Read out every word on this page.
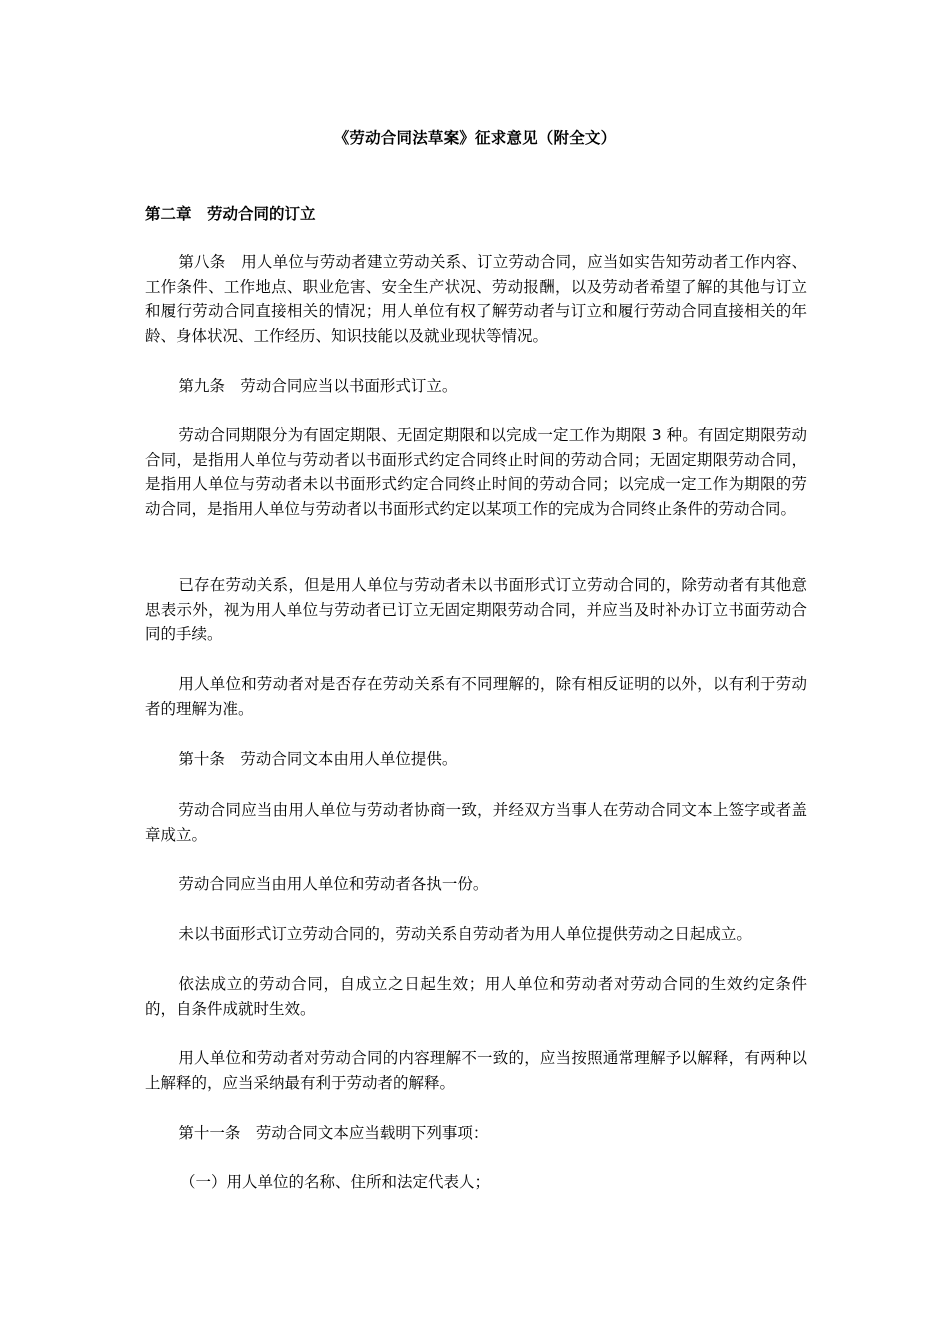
《劳动合同法草案》征求意见（附全文）
第二章　劳动合同的订立

第八条　用人单位与劳动者建立劳动关系、订立劳动合同，应当如实告知劳动者工作内容、工作条件、工作地点、职业危害、安全生产状况、劳动报酬，以及劳动者希望了解的其他与订立和履行劳动合同直接相关的情况；用人单位有权了解劳动者与订立和履行劳动合同直接相关的年龄、身体状况、工作经历、知识技能以及就业现状等情况。

第九条　劳动合同应当以书面形式订立。

劳动合同期限分为有固定期限、无固定期限和以完成一定工作为期限 3 种。有固定期限劳动合同，是指用人单位与劳动者以书面形式约定合同终止时间的劳动合同；无固定期限劳动合同，是指用人单位与劳动者未以书面形式约定合同终止时间的劳动合同；以完成一定工作为期限的劳动合同，是指用人单位与劳动者以书面形式约定以某项工作的完成为合同终止条件的劳动合同。

已存在劳动关系，但是用人单位与劳动者未以书面形式订立劳动合同的，除劳动者有其他意思表示外，视为用人单位与劳动者已订立无固定期限劳动合同，并应当及时补办订立书面劳动合同的手续。

用人单位和劳动者对是否存在劳动关系有不同理解的，除有相反证明的以外，以有利于劳动者的理解为准。

第十条　劳动合同文本由用人单位提供。

劳动合同应当由用人单位与劳动者协商一致，并经双方当事人在劳动合同文本上签字或者盖章成立。

劳动合同应当由用人单位和劳动者各执一份。

未以书面形式订立劳动合同的，劳动关系自劳动者为用人单位提供劳动之日起成立。

依法成立的劳动合同，自成立之日起生效；用人单位和劳动者对劳动合同的生效约定条件的，自条件成就时生效。

用人单位和劳动者对劳动合同的内容理解不一致的，应当按照通常理解予以解释，有两种以上解释的，应当采纳最有利于劳动者的解释。

第十一条　劳动合同文本应当载明下列事项：

（一）用人单位的名称、住所和法定代表人；
